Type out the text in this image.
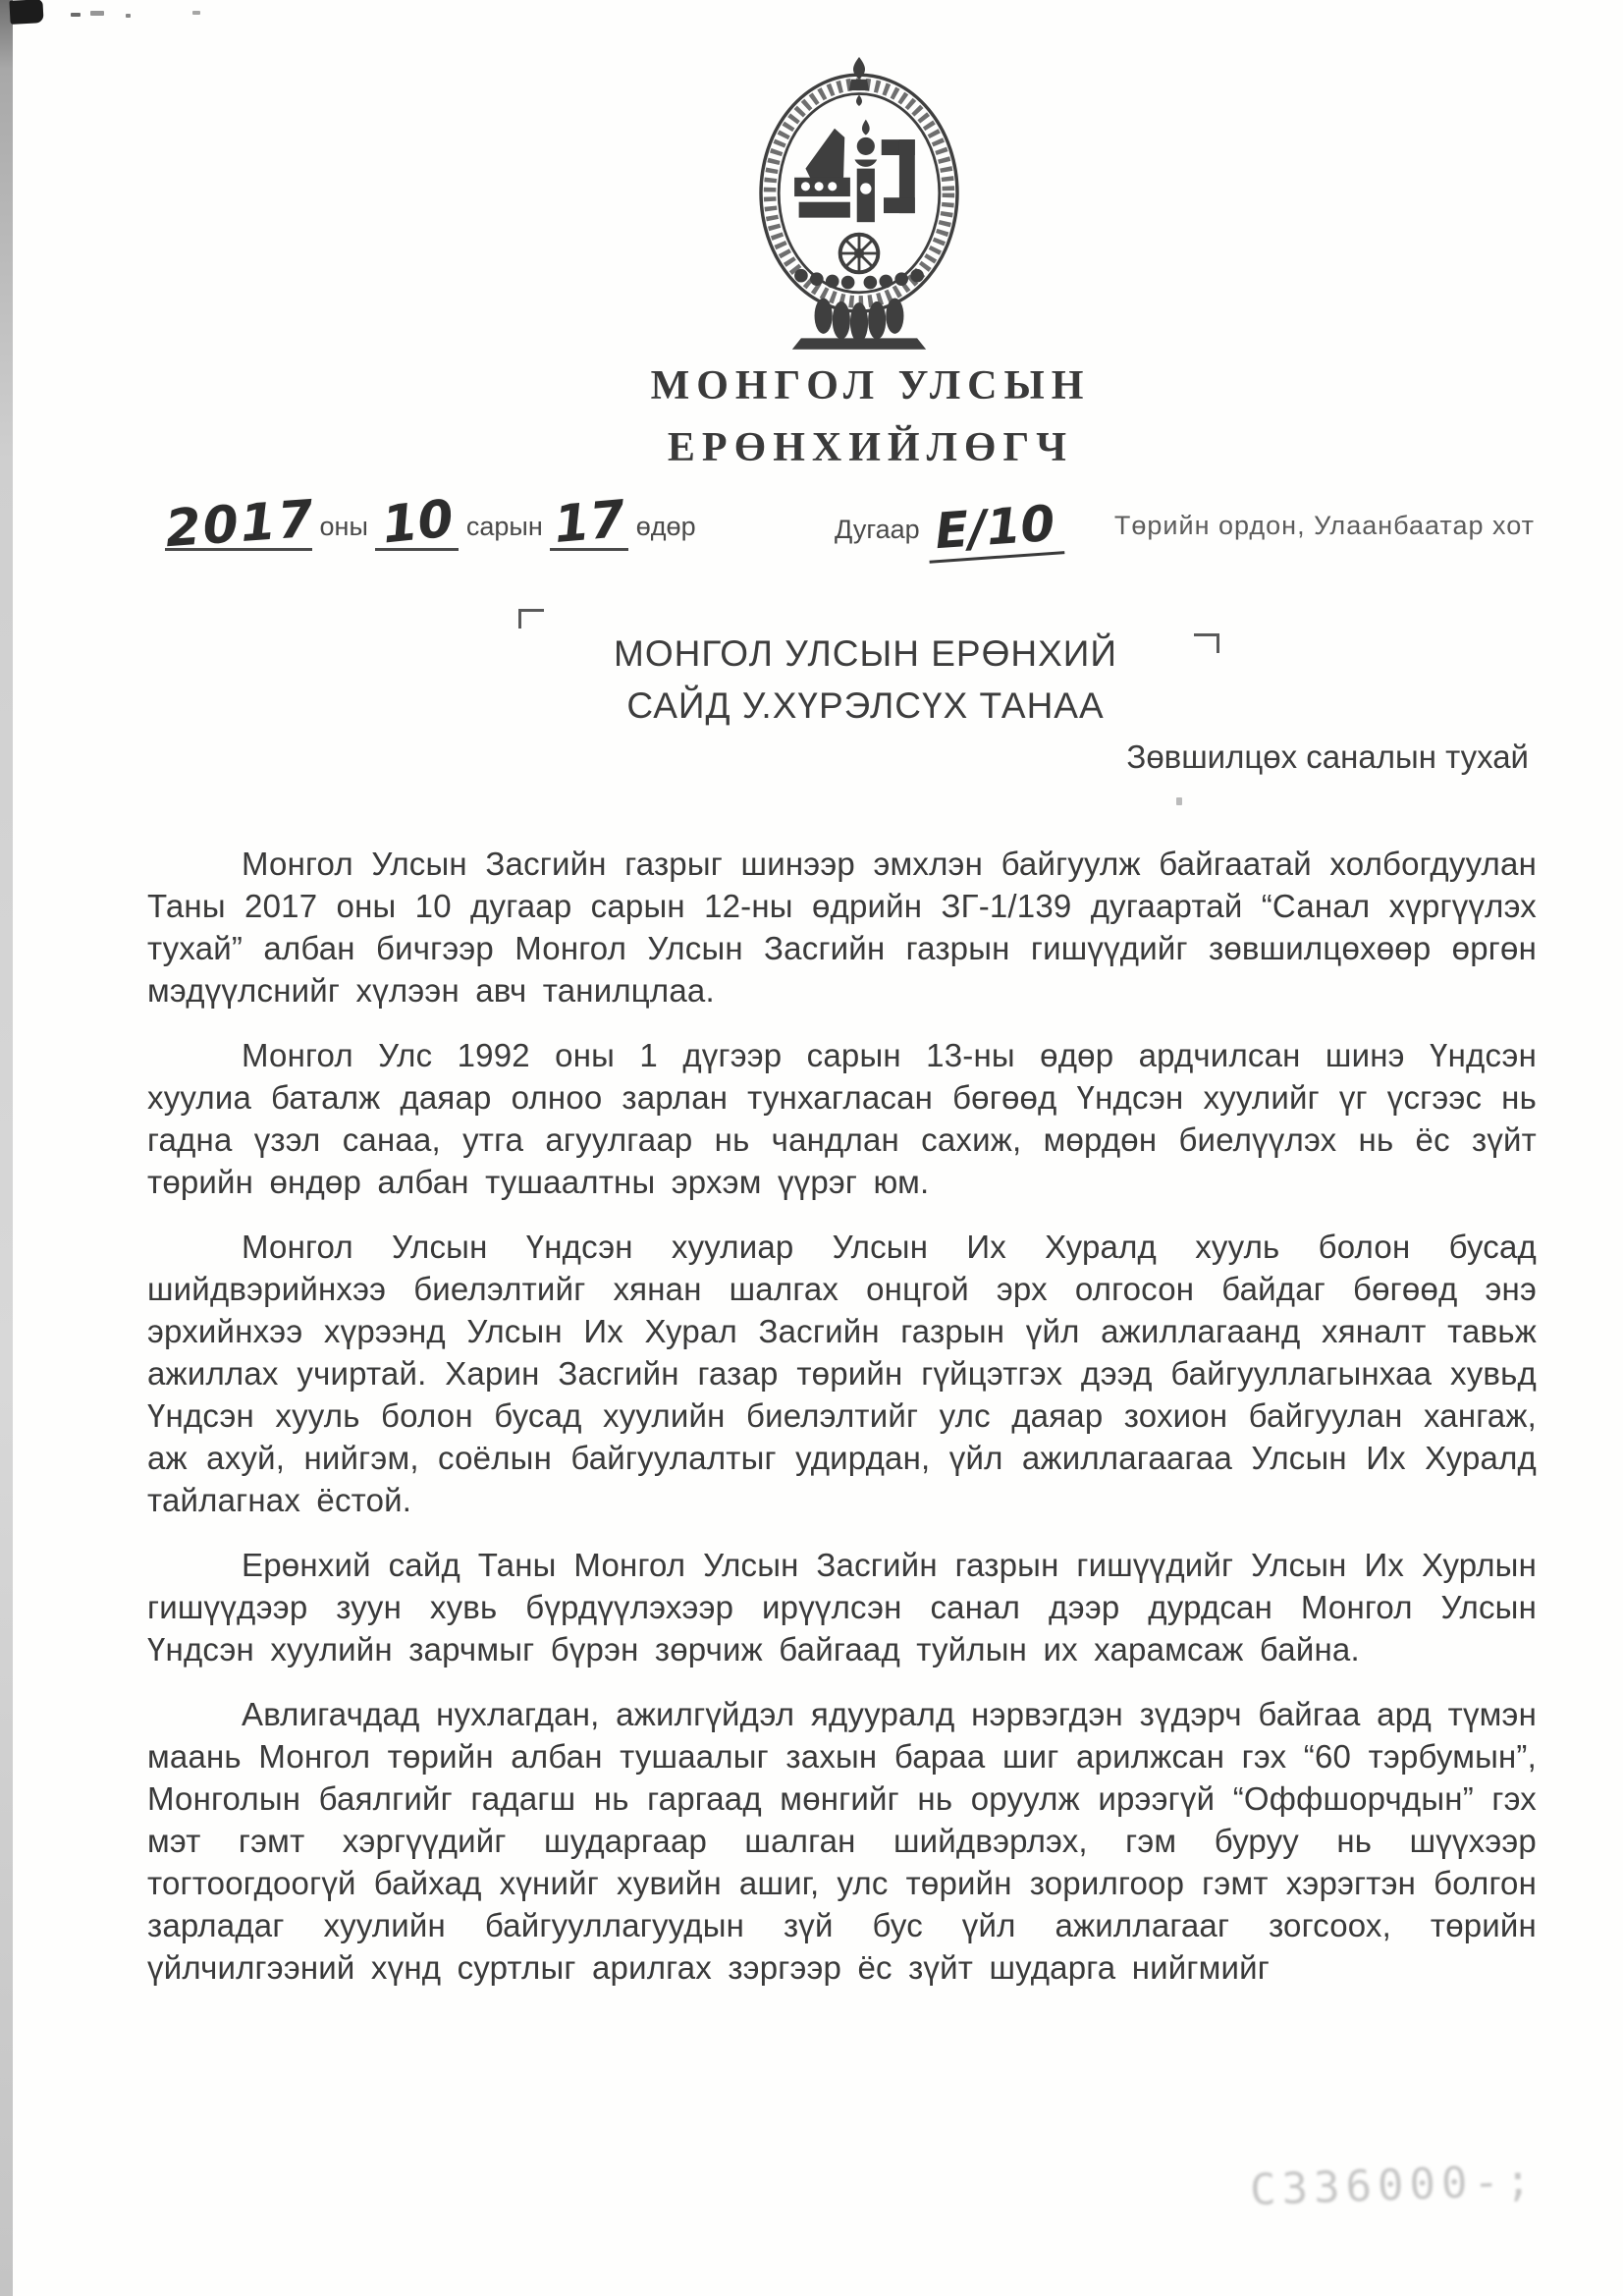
МОНГОЛ УЛСЫН
ЕРӨНХИЙЛӨГЧ
2017 оны 10 сарын 17 өдөр	Дугаар Е/10 Төрийн ордон, Улаанбаатар хот
МОНГОЛ УЛСЫН ЕРӨНХИЙ
САЙД У.ХҮРЭЛСҮХ ТАНАА
Зөвшилцөх саналын тухай

Монгол Улсын Засгийн газрыг шинээр эмхлэн байгуулж байгаатай холбогдуулан Таны 2017 оны 10 дугаар сарын 12-ны өдрийн ЗГ-1/139 дугаартай “Санал хүргүүлэх тухай” албан бичгээр Монгол Улсын Засгийн газрын гишүүдийг зөвшилцөхөөр өргөн мэдүүлснийг хүлээн авч танилцлаа.

Монгол Улс 1992 оны 1 дүгээр сарын 13-ны өдөр ардчилсан шинэ Үндсэн хуулиа баталж даяар олноо зарлан тунхагласан бөгөөд Үндсэн хуулийг үг үсгээс нь гадна үзэл санаа, утга агуулгаар нь чандлан сахиж, мөрдөн биелүүлэх нь ёс зүйт төрийн өндөр албан тушаалтны эрхэм үүрэг юм.

Монгол Улсын Үндсэн хуулиар Улсын Их Хуралд хууль болон бусад шийдвэрийнхээ биелэлтийг хянан шалгах онцгой эрх олгосон байдаг бөгөөд энэ эрхийнхээ хүрээнд Улсын Их Хурал Засгийн газрын үйл ажиллагаанд хяналт тавьж ажиллах учиртай. Харин Засгийн газар төрийн гүйцэтгэх дээд байгууллагынхаа хувьд Үндсэн хууль болон бусад хуулийн биелэлтийг улс даяар зохион байгуулан хангаж, аж ахуй, нийгэм, соёлын байгуулалтыг удирдан, үйл ажиллагаагаа Улсын Их Хуралд тайлагнах ёстой.

Ерөнхий сайд Таны Монгол Улсын Засгийн газрын гишүүдийг Улсын Их Хурлын гишүүдээр зуун хувь бүрдүүлэхээр ирүүлсэн санал дээр дурдсан Монгол Улсын Үндсэн хуулийн зарчмыг бүрэн зөрчиж байгаад туйлын их харамсаж байна.

Авлигачдад нухлагдан, ажилгүйдэл ядууралд нэрвэгдэн зүдэрч байгаа ард түмэн маань Монгол төрийн албан тушаалыг захын бараа шиг арилжсан гэх “60 тэрбумын”, Монголын баялгийг гадагш нь гаргаад мөнгийг нь оруулж ирээгүй “Оффшорчдын” гэх мэт гэмт хэргүүдийг шударгаар шалган шийдвэрлэх, гэм буруу нь шүүхээр тогтоогдоогүй байхад хүнийг хувийн ашиг, улс төрийн зорилгоор гэмт хэрэгтэн болгон зарладаг хуулийн байгууллагуудын зүй бус үйл ажиллагааг зогсоох, төрийн үйлчилгээний хүнд суртлыг арилгах зэргээр ёс зүйт шударга нийгмийг

С336000-;
